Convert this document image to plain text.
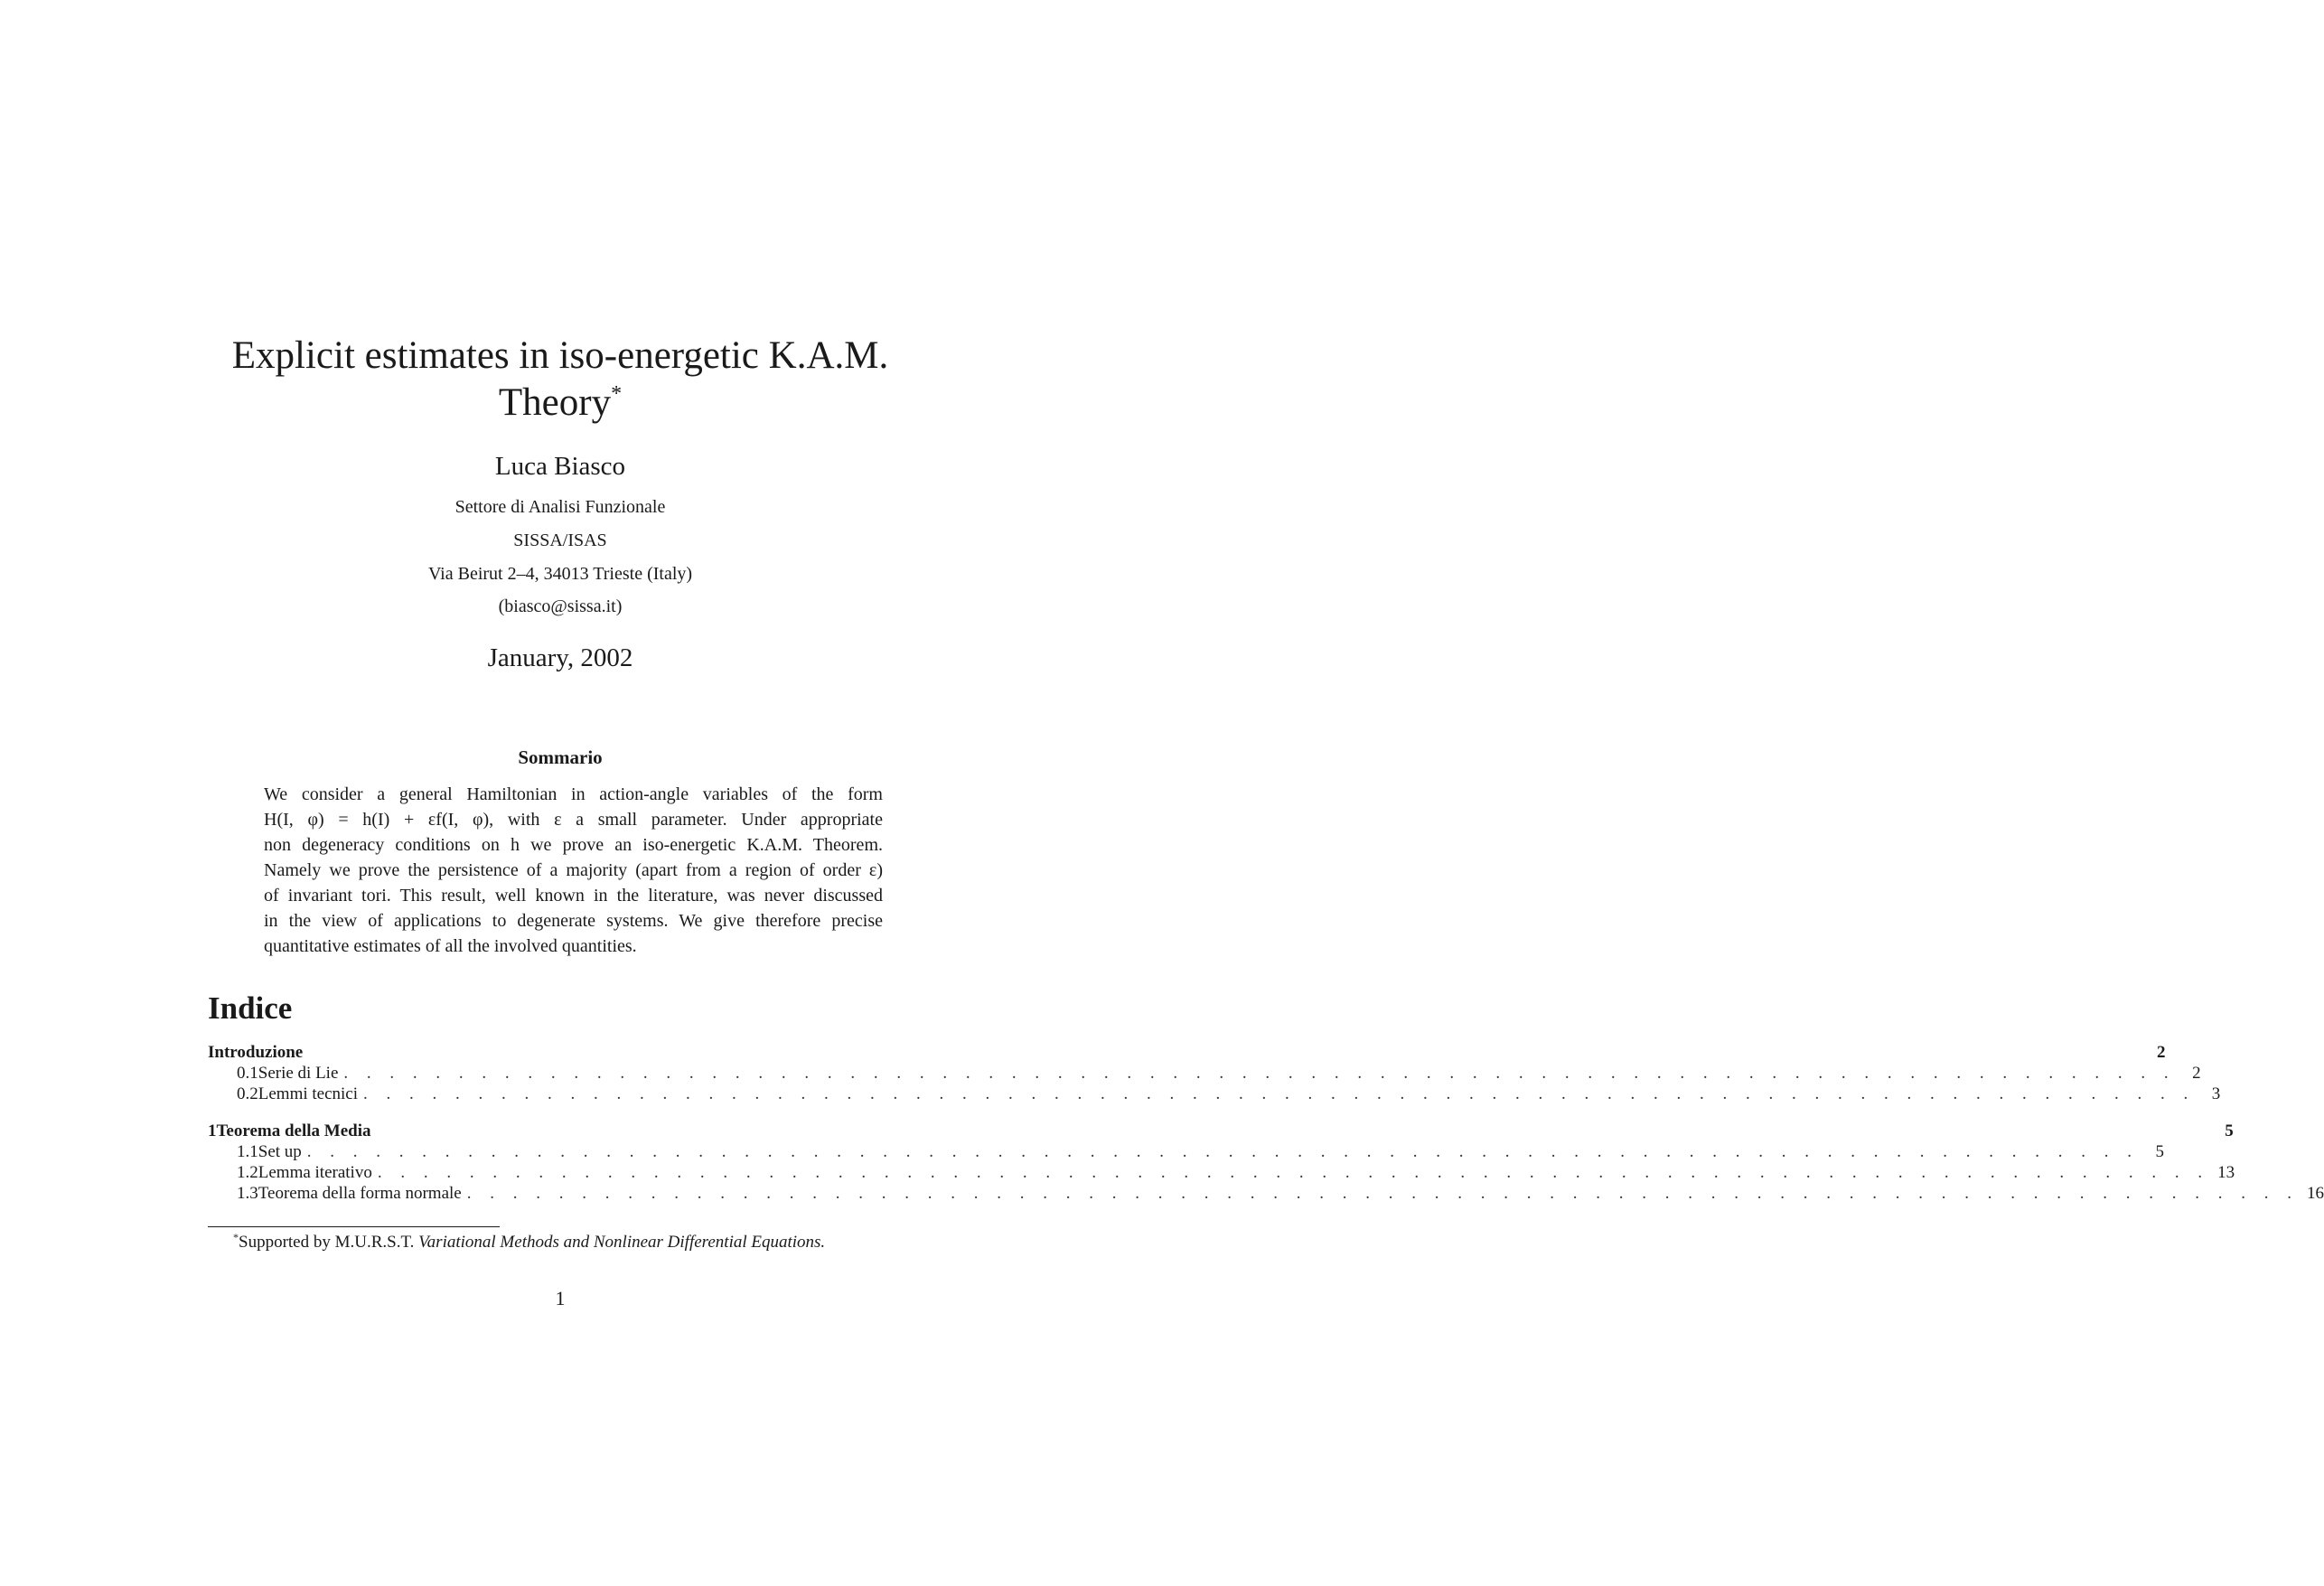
Explicit estimates in iso-energetic K.A.M.
Theory*
Luca Biasco
Settore di Analisi Funzionale
SISSA/ISAS
Via Beirut 2–4, 34013 Trieste (Italy)
(biasco@sissa.it)
January, 2002
Sommario
We consider a general Hamiltonian in action-angle variables of the form
H(I, φ) = h(I) + εf(I, φ), with ε a small parameter. Under appropriate
non degeneracy conditions on h we prove an iso-energetic K.A.M. Theorem.
Namely we prove the persistence of a majority (apart from a region of order ε)
of invariant tori. This result, well known in the literature, was never discussed
in the view of applications to degenerate systems. We give therefore precise
quantitative estimates of all the involved quantities.
Indice
Introduzione	2
0.1 Serie di Lie . . . . . . . . . . . . . . . . . . . . . . . . . . . . . . . . . . . . . . . . . . . . . . . . . . . . . . . . . . . . . . . . . . . . . . . . . . . . . . . . 2
0.2 Lemmi tecnici . . . . . . . . . . . . . . . . . . . . . . . . . . . . . . . . . . . . . . . . . . . . . . . . . . . . . . . . . . . . . . . . . . . . . . . . . . . . . . . . 3
1 Teorema della Media	5
1.1 Set up . . . . . . . . . . . . . . . . . . . . . . . . . . . . . . . . . . . . . . . . . . . . . . . . . . . . . . . . . . . . . . . . . . . . . . . . . . . . . . . . 5
1.2 Lemma iterativo . . . . . . . . . . . . . . . . . . . . . . . . . . . . . . . . . . . . . . . . . . . . . . . . . . . . . . . . . . . . . . . . . . . . . . . . . . . . . . . . 13
1.3 Teorema della forma normale . . . . . . . . . . . . . . . . . . . . . . . . . . . . . . . . . . . . . . . . . . . . . . . . . . . . . . . . . . . . . . . . . . . . . . . . . . . . . . . . 16
*Supported by M.U.R.S.T. Variational Methods and Nonlinear Differential Equations.
1
